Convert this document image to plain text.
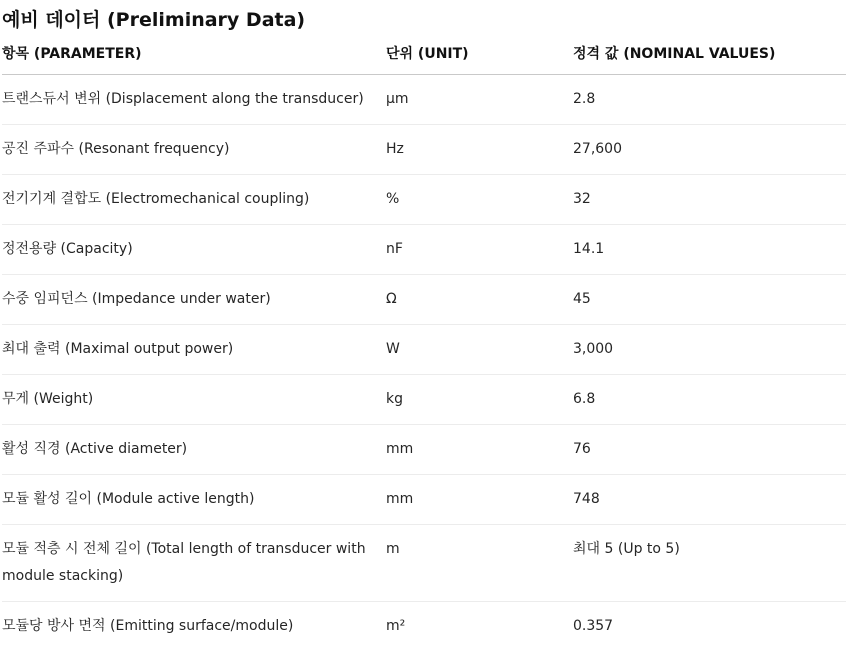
예비 데이터 (Preliminary Data)
항목 (PARAMETER)	단위 (UNIT)	정격 값 (NOMINAL VALUES)
트랜스듀서 변위 (Displacement along the transducer)	µm	2.8
공진 주파수 (Resonant frequency)	Hz	27,600
전기기계 결합도 (Electromechanical coupling)	%	32
정전용량 (Capacity)	nF	14.1
수중 임피던스 (Impedance under water)	Ω	45
최대 출력 (Maximal output power)	W	3,000
무게 (Weight)	kg	6.8
활성 직경 (Active diameter)	mm	76
모듈 활성 길이 (Module active length)	mm	748
모듈 적층 시 전체 길이 (Total length of transducer with module stacking)	m	최대 5 (Up to 5)
모듈당 방사 면적 (Emitting surface/module)	m²	0.357
